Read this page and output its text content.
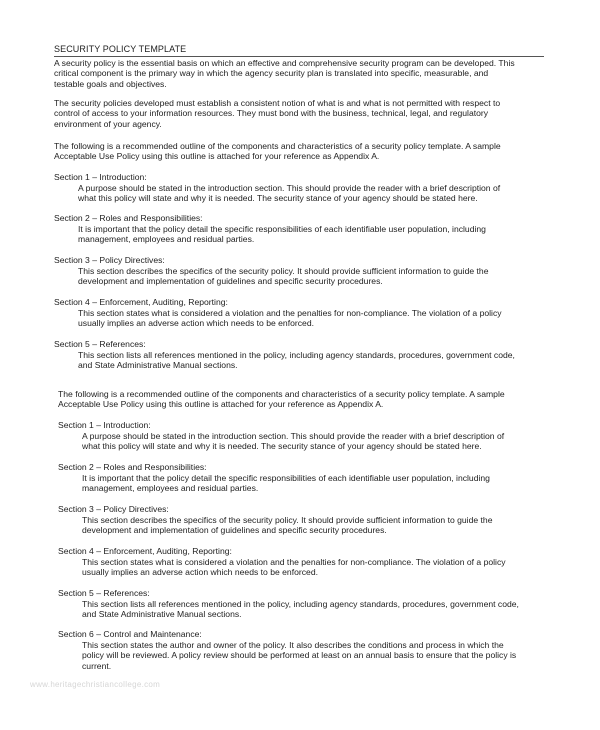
SECURITY POLICY TEMPLATE
A security policy is the essential basis on which an effective and comprehensive security program can be developed. This
critical component is the primary way in which the agency security plan is translated into specific, measurable, and
testable goals and objectives.
The security policies developed must establish a consistent notion of what is and what is not permitted with respect to
control of access to your information resources. They must bond with the business, technical, legal, and regulatory
environment of your agency.
The following is a recommended outline of the components and characteristics of a security policy template. A sample
Acceptable Use Policy using this outline is attached for your reference as Appendix A.
Section 1 – Introduction:
A purpose should be stated in the introduction section. This should provide the reader with a brief description of
what this policy will state and why it is needed. The security stance of your agency should be stated here.
Section 2 – Roles and Responsibilities:
It is important that the policy detail the specific responsibilities of each identifiable user population, including
management, employees and residual parties.
Section 3 – Policy Directives:
This section describes the specifics of the security policy. It should provide sufficient information to guide the
development and implementation of guidelines and specific security procedures.
Section 4 – Enforcement, Auditing, Reporting:
This section states what is considered a violation and the penalties for non-compliance. The violation of a policy
usually implies an adverse action which needs to be enforced.
Section 5 – References:
This section lists all references mentioned in the policy, including agency standards, procedures, government code,
and State Administrative Manual sections.
The following is a recommended outline of the components and characteristics of a security policy template. A sample
Acceptable Use Policy using this outline is attached for your reference as Appendix A.
Section 1 – Introduction:
A purpose should be stated in the introduction section. This should provide the reader with a brief description of
what this policy will state and why it is needed. The security stance of your agency should be stated here.
Section 2 – Roles and Responsibilities:
It is important that the policy detail the specific responsibilities of each identifiable user population, including
management, employees and residual parties.
Section 3 – Policy Directives:
This section describes the specifics of the security policy. It should provide sufficient information to guide the
development and implementation of guidelines and specific security procedures.
Section 4 – Enforcement, Auditing, Reporting:
This section states what is considered a violation and the penalties for non-compliance. The violation of a policy
usually implies an adverse action which needs to be enforced.
Section 5 – References:
This section lists all references mentioned in the policy, including agency standards, procedures, government code,
and State Administrative Manual sections.
Section 6 – Control and Maintenance:
This section states the author and owner of the policy. It also describes the conditions and process in which the
policy will be reviewed. A policy review should be performed at least on an annual basis to ensure that the policy is
current.
www.heritagechristiancollege.com
